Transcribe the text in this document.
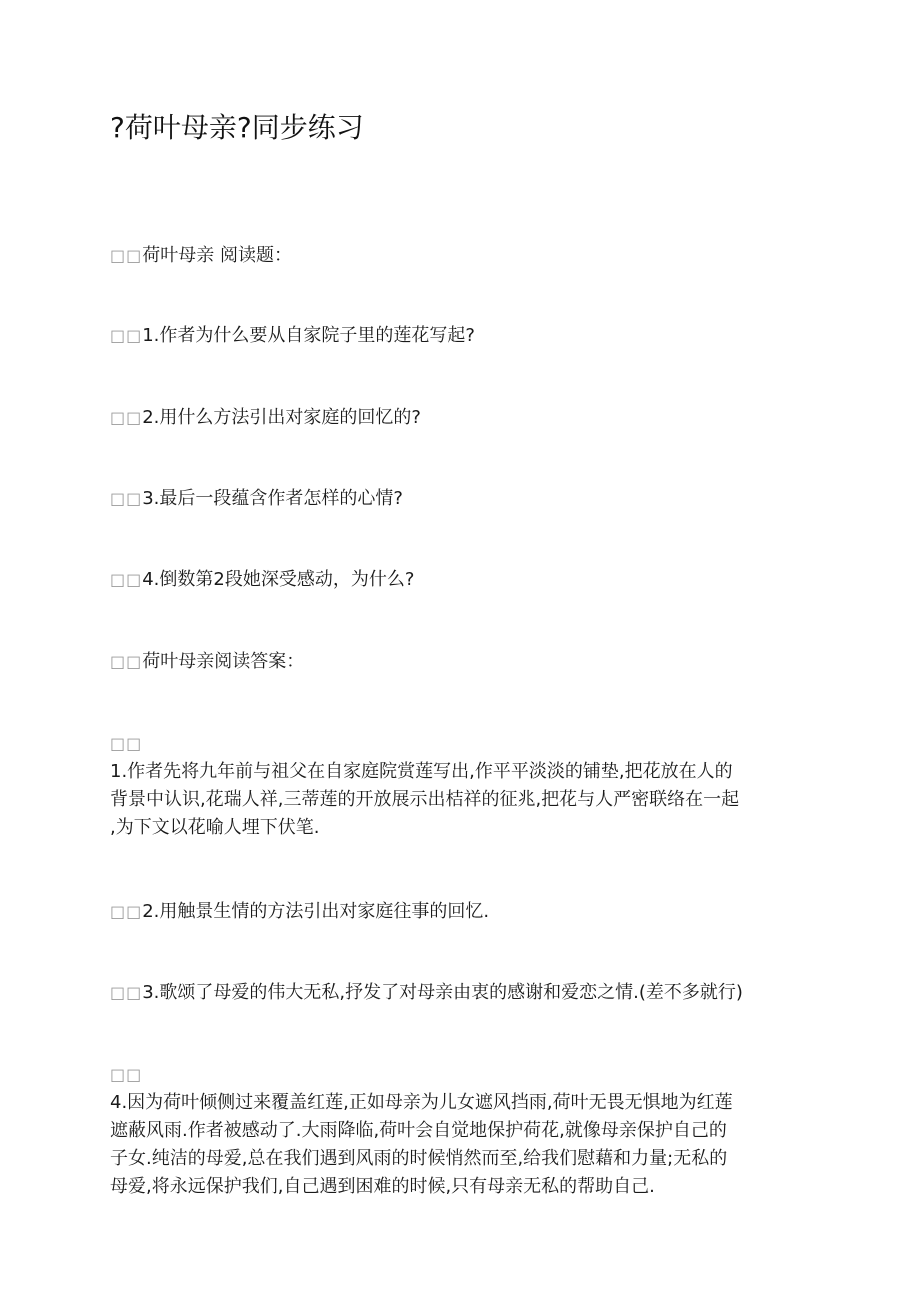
?荷叶母亲?同步练习
□□荷叶母亲 阅读题：
□□1.作者为什么要从自家院子里的莲花写起?
□□2.用什么方法引出对家庭的回忆的?
□□3.最后一段蕴含作者怎样的心情?
□□4.倒数第2段她深受感动，为什么?
□□荷叶母亲阅读答案：
□□
1.作者先将九年前与祖父在自家庭院赏莲写出,作平平淡淡的铺垫,把花放在人的
背景中认识,花瑞人祥,三蒂莲的开放展示出桔祥的征兆,把花与人严密联络在一起
,为下文以花喻人埋下伏笔.
□□2.用触景生情的方法引出对家庭往事的回忆.
□□3.歌颂了母爱的伟大无私,抒发了对母亲由衷的感谢和爱恋之情.(差不多就行)
□□
4.因为荷叶倾侧过来覆盖红莲,正如母亲为儿女遮风挡雨,荷叶无畏无惧地为红莲
遮蔽风雨.作者被感动了.大雨降临,荷叶会自觉地保护荷花,就像母亲保护自己的
子女.纯洁的母爱,总在我们遇到风雨的时候悄然而至,给我们慰藉和力量;无私的
母爱,将永远保护我们,自己遇到困难的时候,只有母亲无私的帮助自己.
